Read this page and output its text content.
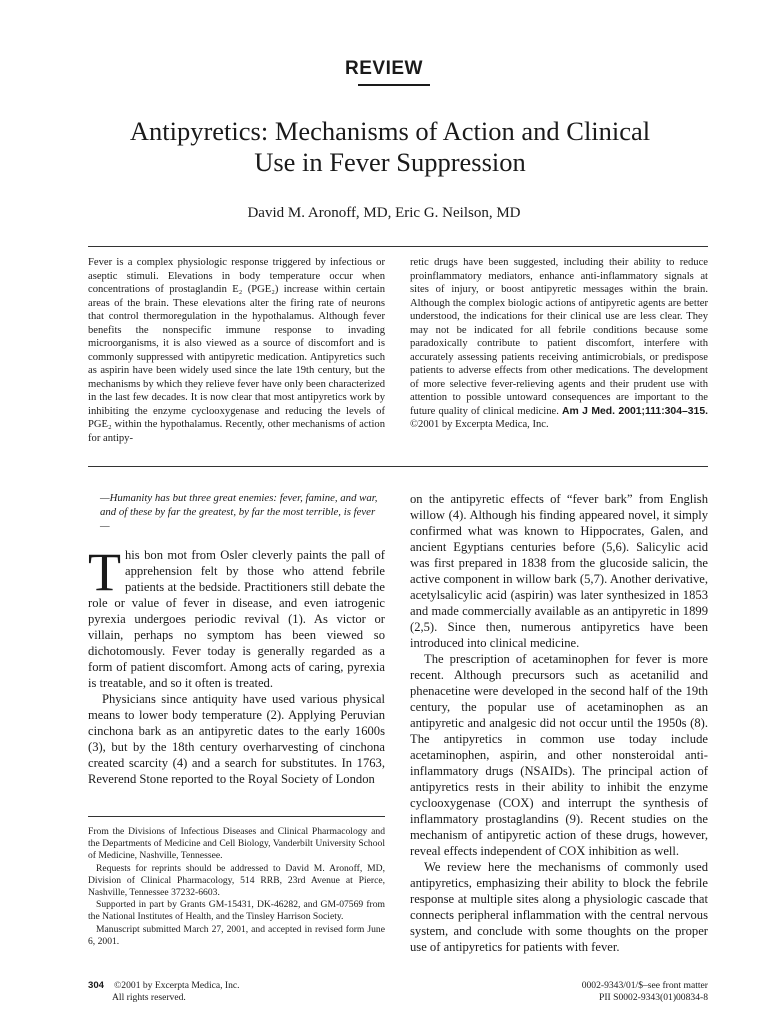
REVIEW
Antipyretics: Mechanisms of Action and Clinical
Use in Fever Suppression
David M. Aronoff, MD, Eric G. Neilson, MD

Fever is a complex physiologic response triggered by infectious or aseptic stimuli. Elevations in body temperature occur when concentrations of prostaglandin E₂ (PGE₂) increase within certain areas of the brain. These elevations alter the firing rate of neurons that control thermoregulation in the hypothalamus. Although fever benefits the nonspecific immune response to invading microorganisms, it is also viewed as a source of discomfort and is commonly suppressed with antipyretic medication. Antipyretics such as aspirin have been widely used since the late 19th century, but the mechanisms by which they relieve fever have only been characterized in the last few decades. It is now clear that most antipyretics work by inhibiting the enzyme cyclooxygenase and reducing the levels of PGE₂ within the hypothalamus. Recently, other mechanisms of action for antipy-

retic drugs have been suggested, including their ability to reduce proinflammatory mediators, enhance anti-inflammatory signals at sites of injury, or boost antipyretic messages within the brain. Although the complex biologic actions of antipyretic agents are better understood, the indications for their clinical use are less clear. They may not be indicated for all febrile conditions because some paradoxically contribute to patient discomfort, interfere with accurately assessing patients receiving antimicrobials, or predispose patients to adverse effects from other medications. The development of more selective fever-relieving agents and their prudent use with attention to possible untoward consequences are important to the future quality of clinical medicine. Am J Med. 2001;111:304–315. ©2001 by Excerpta Medica, Inc.

—Humanity has but three great enemies: fever, famine, and war, and of these by far the greatest, by far the most terrible, is fever—

This bon mot from Osler cleverly paints the pall of apprehension felt by those who attend febrile patients at the bedside. Practitioners still debate the role or value of fever in disease, and even iatrogenic pyrexia undergoes periodic revival (1). As victor or villain, perhaps no symptom has been viewed so dichotomously. Fever today is generally regarded as a form of patient discomfort. Among acts of caring, pyrexia is treatable, and so it often is treated.

Physicians since antiquity have used various physical means to lower body temperature (2). Applying Peruvian cinchona bark as an antipyretic dates to the early 1600s (3), but by the 18th century overharvesting of cinchona created scarcity (4) and a search for substitutes. In 1763, Reverend Stone reported to the Royal Society of London

on the antipyretic effects of “fever bark” from English willow (4). Although his finding appeared novel, it simply confirmed what was known to Hippocrates, Galen, and ancient Egyptians centuries before (5,6). Salicylic acid was first prepared in 1838 from the glucoside salicin, the active component in willow bark (5,7). Another derivative, acetylsalicylic acid (aspirin) was later synthesized in 1853 and made commercially available as an antipyretic in 1899 (2,5). Since then, numerous antipyretics have been introduced into clinical medicine.

The prescription of acetaminophen for fever is more recent. Although precursors such as acetanilid and phenacetine were developed in the second half of the 19th century, the popular use of acetaminophen as an antipyretic and analgesic did not occur until the 1950s (8). The antipyretics in common use today include acetaminophen, aspirin, and other nonsteroidal anti-inflammatory drugs (NSAIDs). The principal action of antipyretics rests in their ability to inhibit the enzyme cyclooxygenase (COX) and interrupt the synthesis of inflammatory prostaglandins (9). Recent studies on the mechanism of antipyretic action of these drugs, however, reveal effects independent of COX inhibition as well.

We review here the mechanisms of commonly used antipyretics, emphasizing their ability to block the febrile response at multiple sites along a physiologic cascade that connects peripheral inflammation with the central nervous system, and conclude with some thoughts on the proper use of antipyretics for patients with fever.

From the Divisions of Infectious Diseases and Clinical Pharmacology and the Departments of Medicine and Cell Biology, Vanderbilt University School of Medicine, Nashville, Tennessee.

Requests for reprints should be addressed to David M. Aronoff, MD, Division of Clinical Pharmacology, 514 RRB, 23rd Avenue at Pierce, Nashville, Tennessee 37232-6603.

Supported in part by Grants GM-15431, DK-46282, and GM-07569 from the National Institutes of Health, and the Tinsley Harrison Society.

Manuscript submitted March 27, 2001, and accepted in revised form June 6, 2001.

304 ©2001 by Excerpta Medica, Inc.
All rights reserved.
0002-9343/01/$–see front matter
PII S0002-9343(01)00834-8
